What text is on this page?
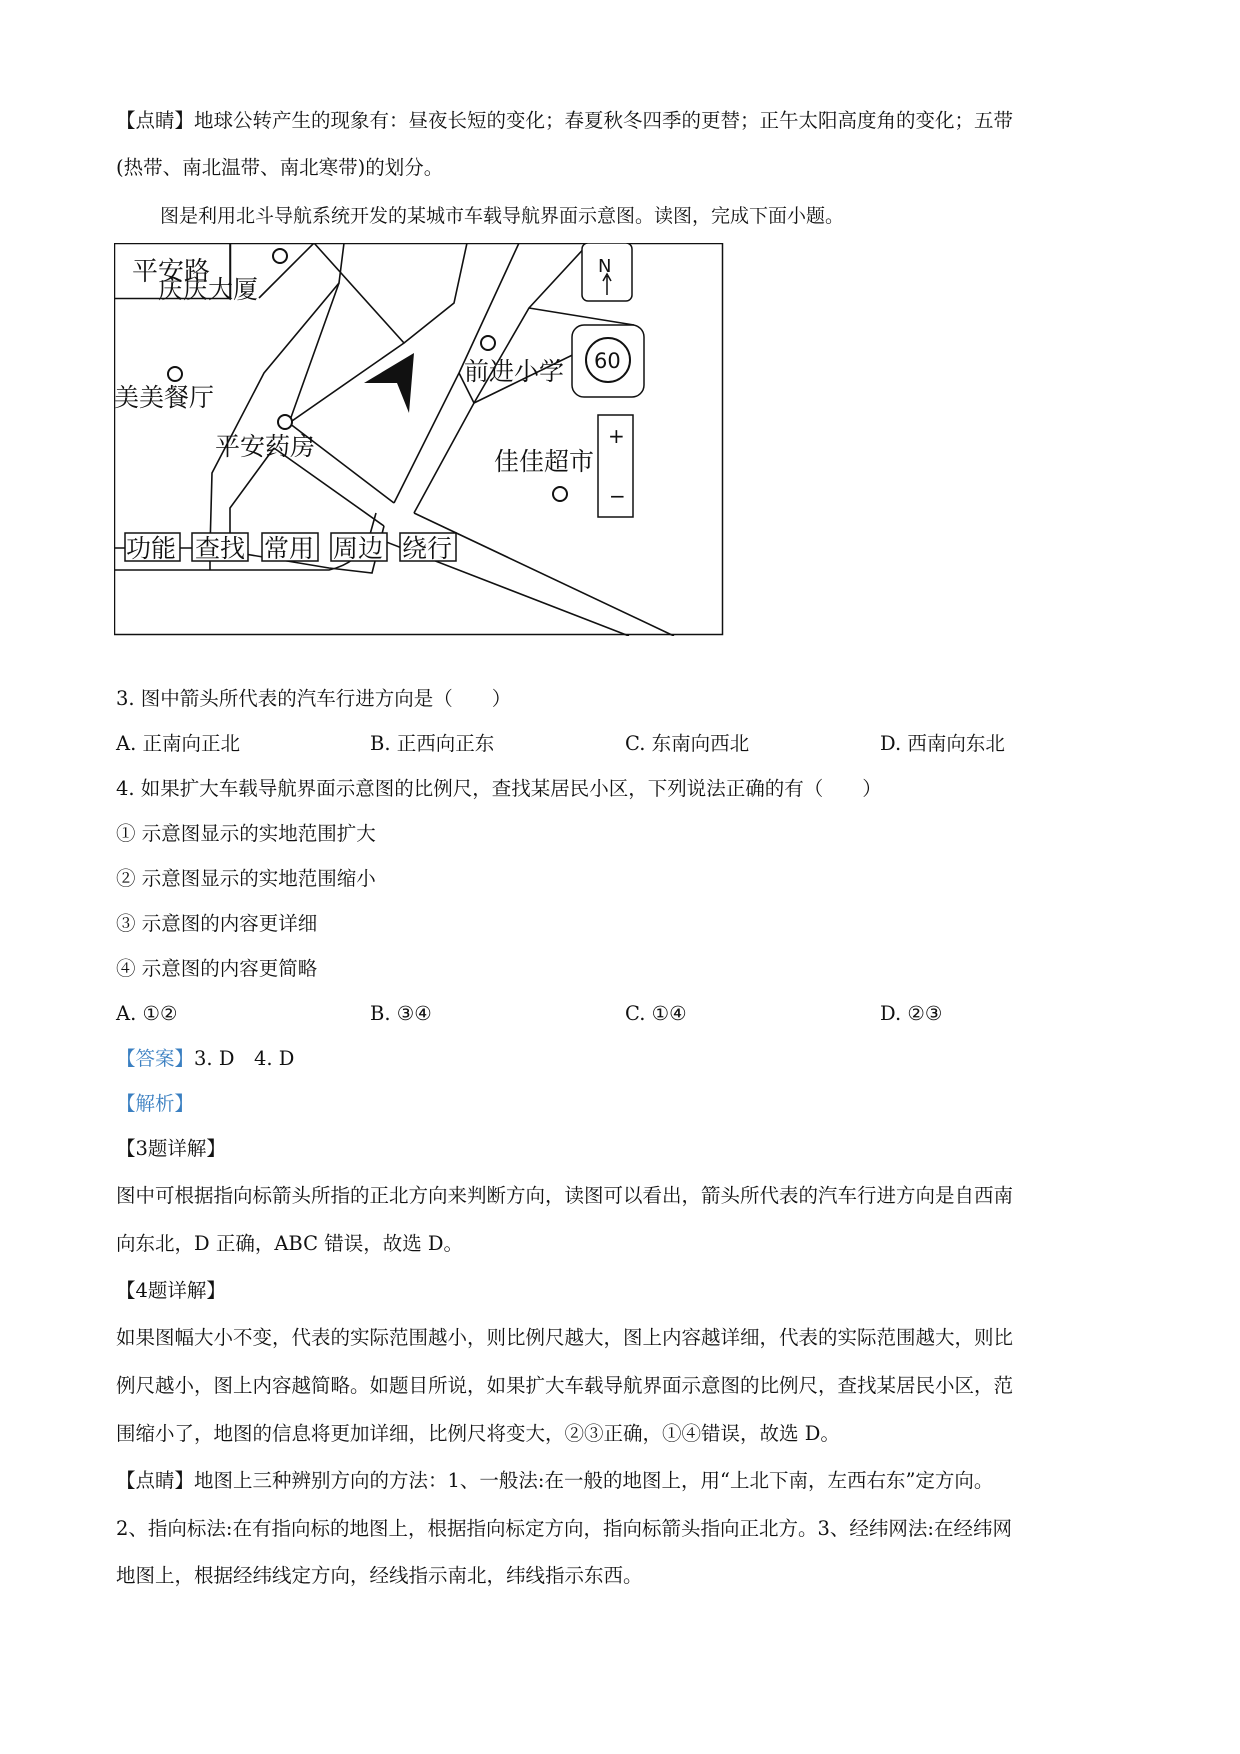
【点睛】地球公转产生的现象有：昼夜长短的变化；春夏秋冬四季的更替；正午太阳高度角的变化；五带
(热带、南北温带、南北寒带)的划分。
图是利用北斗导航系统开发的某城市车载导航界面示意图。读图，完成下面小题。
平安路
庆庆大厦
美美餐厅
平安药房
前进小学
佳佳超市
N
60
+
−
功能 查找 常用 周边 绕行
3. 图中箭头所代表的汽车行进方向是（　　）
A. 正南向正北	B. 正西向正东	C. 东南向西北	D. 西南向东北
4. 如果扩大车载导航界面示意图的比例尺，查找某居民小区，下列说法正确的有（　　）
① 示意图显示的实地范围扩大
② 示意图显示的实地范围缩小
③ 示意图的内容更详细
④ 示意图的内容更简略
A. ①②	B. ③④	C. ①④	D. ②③
【答案】3. D　4. D
【解析】
【3题详解】
图中可根据指向标箭头所指的正北方向来判断方向，读图可以看出，箭头所代表的汽车行进方向是自西南
向东北，D 正确，ABC 错误，故选 D。
【4题详解】
如果图幅大小不变，代表的实际范围越小，则比例尺越大，图上内容越详细，代表的实际范围越大，则比
例尺越小，图上内容越简略。如题目所说，如果扩大车载导航界面示意图的比例尺，查找某居民小区，范
围缩小了，地图的信息将更加详细，比例尺将变大，②③正确，①④错误，故选 D。
【点睛】地图上三种辨别方向的方法：1、一般法:在一般的地图上，用“上北下南，左西右东”定方向。
2、指向标法:在有指向标的地图上，根据指向标定方向，指向标箭头指向正北方。3、经纬网法:在经纬网
地图上，根据经纬线定方向，经线指示南北，纬线指示东西。
